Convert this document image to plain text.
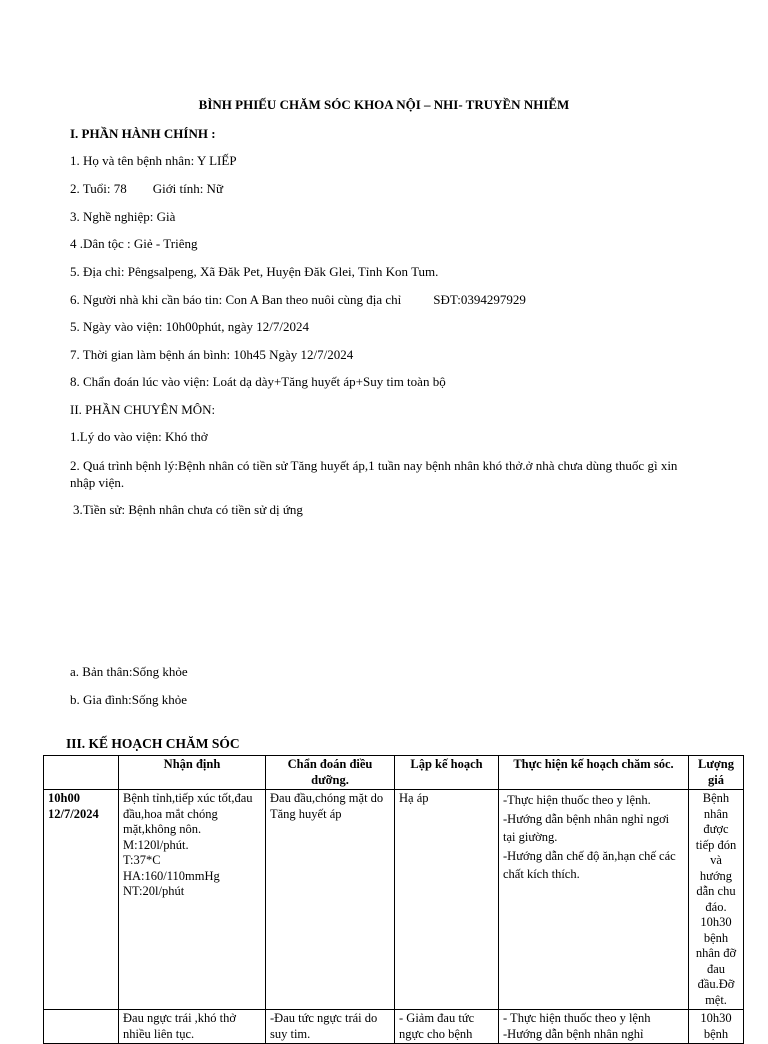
BÌNH PHIẾU CHĂM SÓC KHOA NỘI – NHI- TRUYỀN NHIỄM
I. PHẦN HÀNH CHÍNH :
1. Họ và tên bệnh nhân: Y LIẾP
2. Tuổi: 78 Giới tính: Nữ
3. Nghề nghiệp: Già
4 .Dân tộc : Giẻ - Triêng
5. Địa chỉ: Pêngsalpeng, Xã Đăk Pet, Huyện Đăk Glei, Tỉnh Kon Tum.
6. Người nhà khi cần báo tin: Con A Ban theo nuôi cùng địa chỉ SĐT:0394297929
5. Ngày vào viện: 10h00phút, ngày 12/7/2024
7. Thời gian làm bệnh án bình: 10h45 Ngày 12/7/2024
8. Chẩn đoán lúc vào viện: Loát dạ dày+Tăng huyết áp+Suy tim toàn bộ
II. PHẦN CHUYÊN MÔN:
1.Lý do vào viện: Khó thở
2. Quá trình bệnh lý:Bệnh nhân có tiền sử Tăng huyết áp,1 tuần nay bệnh nhân khó thở.ở nhà chưa dùng thuốc gì xin nhập viện.
3.Tiền sử: Bệnh nhân chưa có tiền sử dị ứng
a. Bản thân:Sống khỏe
b. Gia đình:Sống khỏe
III. KẾ HOẠCH CHĂM SÓC
	Nhận định	Chẩn đoán điều dưỡng.	Lập kế hoạch	Thực hiện kế hoạch chăm sóc.	Lượng giá
10h00
12/7/2024	Bệnh tỉnh,tiếp xúc tốt,đau đầu,hoa mắt chóng mặt,không nôn.
M:120l/phút.
T:37*C
HA:160/110mmHg
NT:20l/phút	Đau đầu,chóng mặt do Tăng huyết áp	Hạ áp	-Thực hiện thuốc theo y lệnh.
-Hướng dẫn bệnh nhân nghỉ ngơi tại giường.
-Hướng dẫn chế độ ăn,hạn chế các chất kích thích.	Bệnh nhân được tiếp đón và hướng dẫn chu đáo.
10h30 bệnh nhân đỡ đau đầu.Đỡ mệt.
	Đau ngực trái ,khó thở nhiều liên tục.	-Đau tức ngực trái do suy tim.	- Giảm đau tức ngực cho bệnh	- Thực hiện thuốc theo y lệnh
-Hướng dẫn bệnh nhân nghỉ	10h30 bệnh
